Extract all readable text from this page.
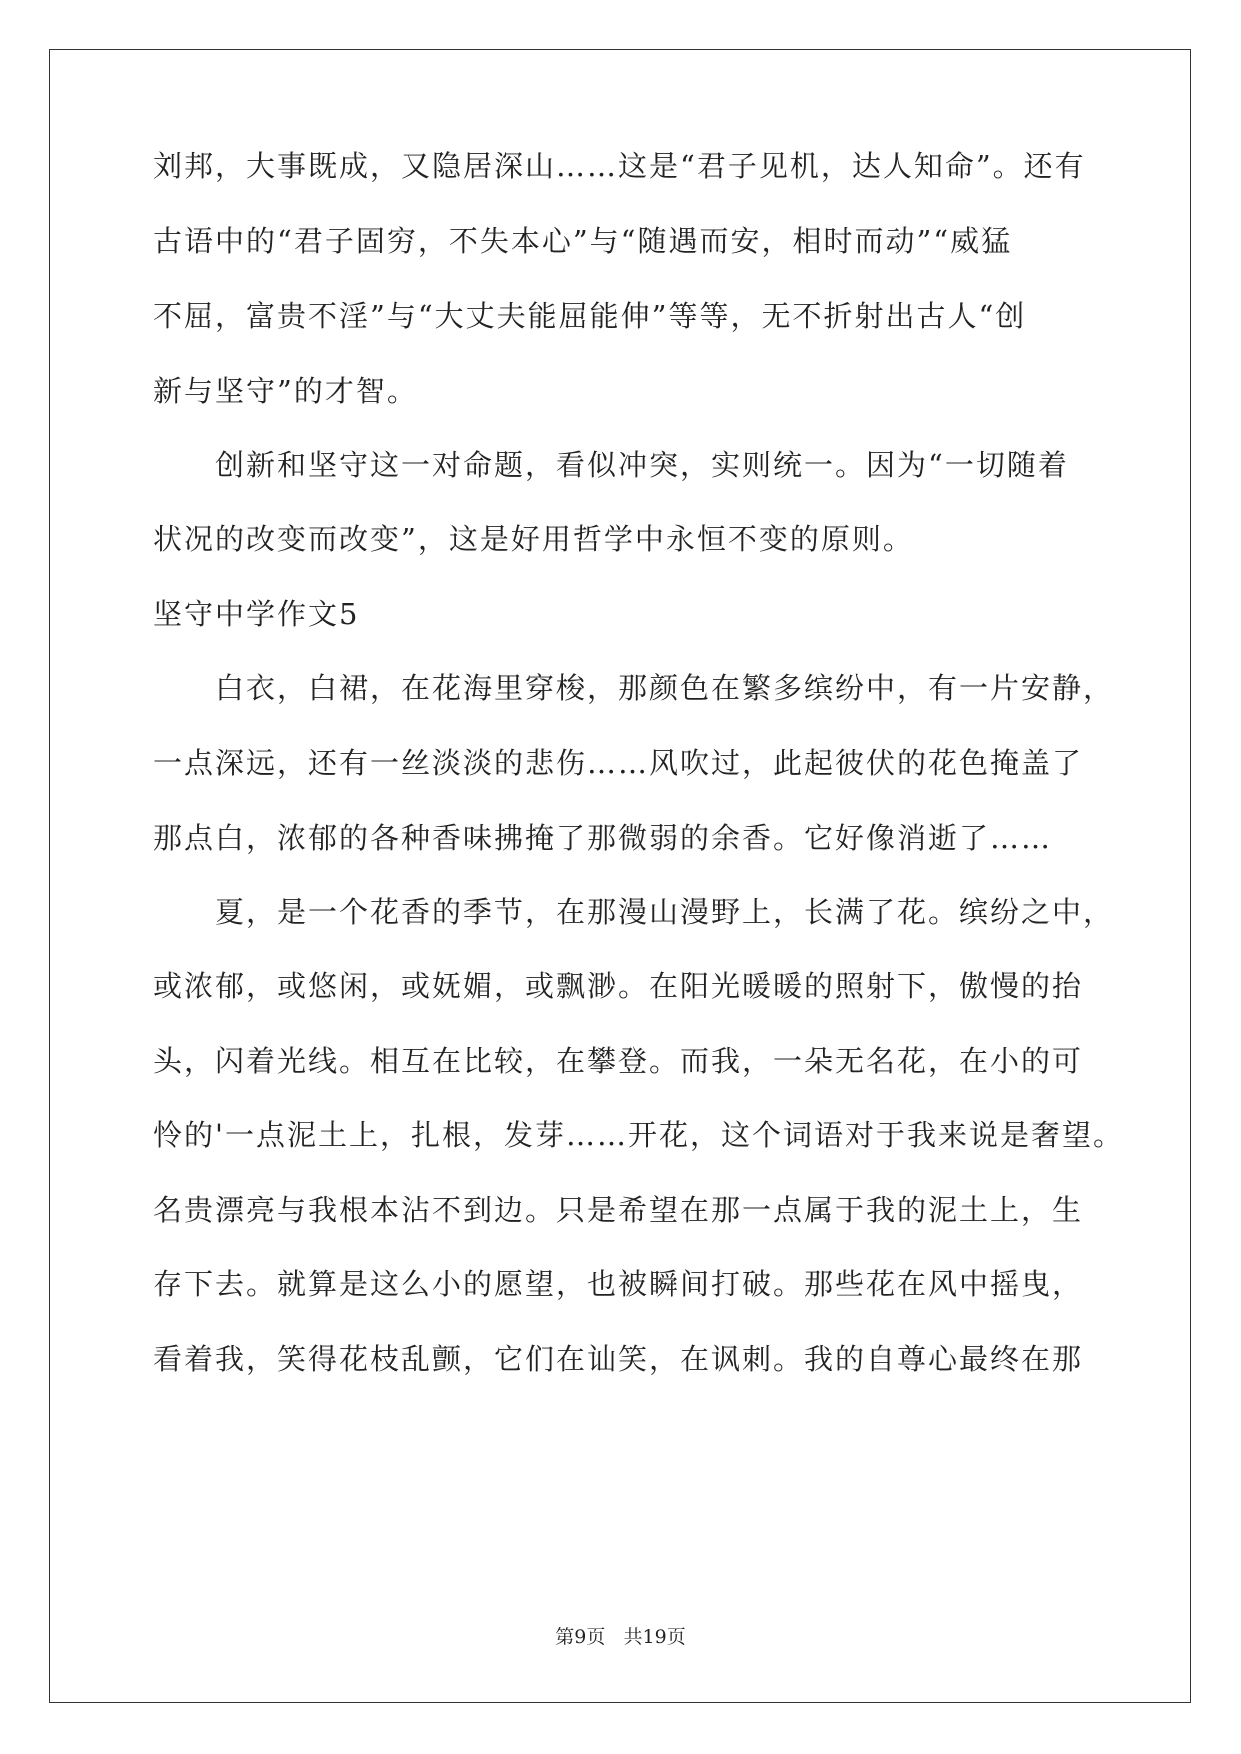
刘邦，大事既成，又隐居深山……这是“君子见机，达人知命”。还有
古语中的“君子固穷，不失本心”与“随遇而安，相时而动”“威猛
不屈，富贵不淫”与“大丈夫能屈能伸”等等，无不折射出古人“创
新与坚守”的才智。
创新和坚守这一对命题，看似冲突，实则统一。因为“一切随着
状况的改变而改变”，这是好用哲学中永恒不变的原则。
坚守中学作文5
白衣，白裙，在花海里穿梭，那颜色在繁多缤纷中，有一片安静，
一点深远，还有一丝淡淡的悲伤……风吹过，此起彼伏的花色掩盖了
那点白，浓郁的各种香味拂掩了那微弱的余香。它好像消逝了……
夏，是一个花香的季节，在那漫山漫野上，长满了花。缤纷之中，
或浓郁，或悠闲，或妩媚，或飘渺。在阳光暖暖的照射下，傲慢的抬
头，闪着光线。相互在比较，在攀登。而我，一朵无名花，在小的可
怜的'一点泥土上，扎根，发芽……开花，这个词语对于我来说是奢望。
名贵漂亮与我根本沾不到边。只是希望在那一点属于我的泥土上，生
存下去。就算是这么小的愿望，也被瞬间打破。那些花在风中摇曳，
看着我，笑得花枝乱颤，它们在讪笑，在讽刺。我的自尊心最终在那
第9页 共19页
